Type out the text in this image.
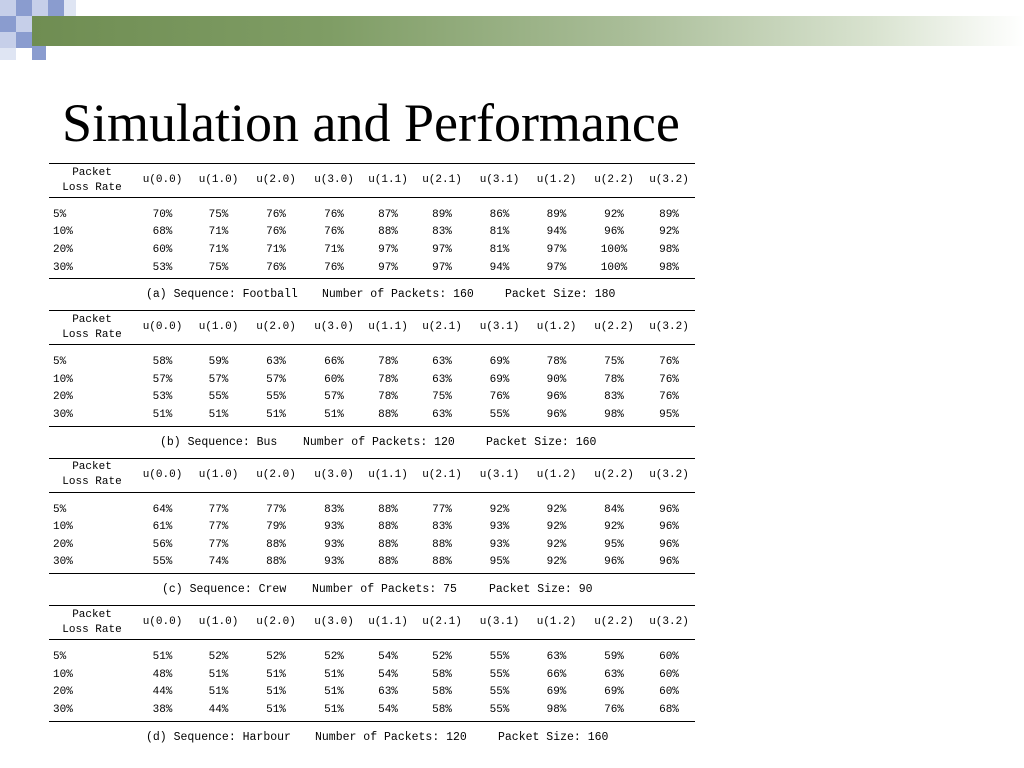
Simulation and Performance
Packet
Loss Rate	u(0.0)	u(1.0)	u(2.0)	u(3.0)	u(1.1)	u(2.1)	u(3.1)	u(1.2)	u(2.2)	u(3.2)
5%	70%	75%	76%	76%	87%	89%	86%	89%	92%	89%
10%	68%	71%	76%	76%	88%	83%	81%	94%	96%	92%
20%	60%	71%	71%	71%	97%	97%	81%	97%	100%	98%
30%	53%	75%	76%	76%	97%	97%	94%	97%	100%	98%
(a) Sequence: Football Number of Packets: 160	Packet Size: 180
Packet
Loss Rate	u(0.0)	u(1.0)	u(2.0)	u(3.0)	u(1.1)	u(2.1)	u(3.1)	u(1.2)	u(2.2)	u(3.2)
5%	58%	59%	63%	66%	78%	63%	69%	78%	75%	76%
10%	57%	57%	57%	60%	78%	63%	69%	90%	78%	76%
20%	53%	55%	55%	57%	78%	75%	76%	96%	83%	76%
30%	51%	51%	51%	51%	88%	63%	55%	96%	98%	95%
(b) Sequence: Bus Number of Packets: 120	Packet Size: 160
Packet
Loss Rate	u(0.0)	u(1.0)	u(2.0)	u(3.0)	u(1.1)	u(2.1)	u(3.1)	u(1.2)	u(2.2)	u(3.2)
5%	64%	77%	77%	83%	88%	77%	92%	92%	84%	96%
10%	61%	77%	79%	93%	88%	83%	93%	92%	92%	96%
20%	56%	77%	88%	93%	88%	88%	93%	92%	95%	96%
30%	55%	74%	88%	93%	88%	88%	95%	92%	96%	96%
(c) Sequence: Crew Number of Packets: 75	Packet Size: 90
Packet
Loss Rate	u(0.0)	u(1.0)	u(2.0)	u(3.0)	u(1.1)	u(2.1)	u(3.1)	u(1.2)	u(2.2)	u(3.2)
5%	51%	52%	52%	52%	54%	52%	55%	63%	59%	60%
10%	48%	51%	51%	51%	54%	58%	55%	66%	63%	60%
20%	44%	51%	51%	51%	63%	58%	55%	69%	69%	60%
30%	38%	44%	51%	51%	54%	58%	55%	98%	76%	68%
(d) Sequence: Harbour Number of Packets: 120	Packet Size: 160
